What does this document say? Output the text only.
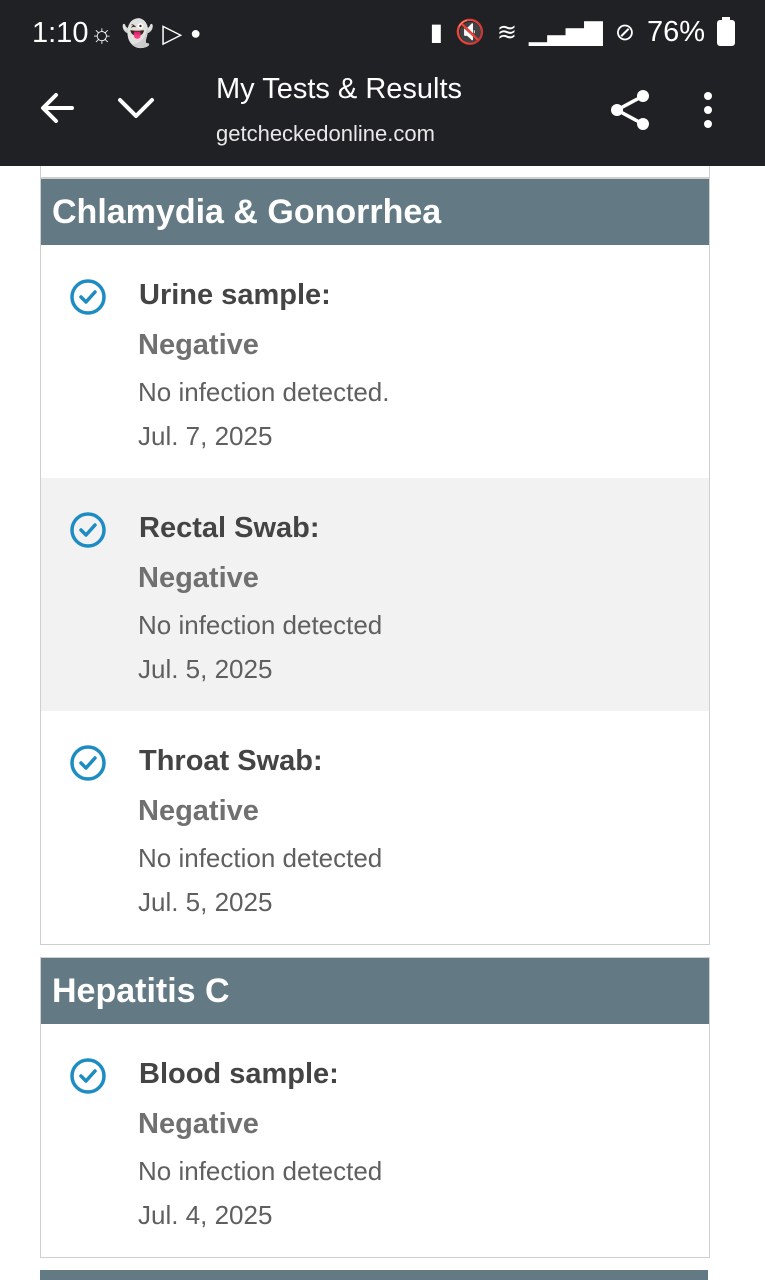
1:10 ☼ 👻 ▷ ●	▮ 🔇 ≋ ▁▃▅▇ ⊘ 76%
My Tests & Results
getcheckedonline.com
Chlamydia & Gonorrhea
Urine sample:
Negative
No infection detected.
Jul. 7, 2025
Rectal Swab:
Negative
No infection detected
Jul. 5, 2025
Throat Swab:
Negative
No infection detected
Jul. 5, 2025
Hepatitis C
Blood sample:
Negative
No infection detected
Jul. 4, 2025
